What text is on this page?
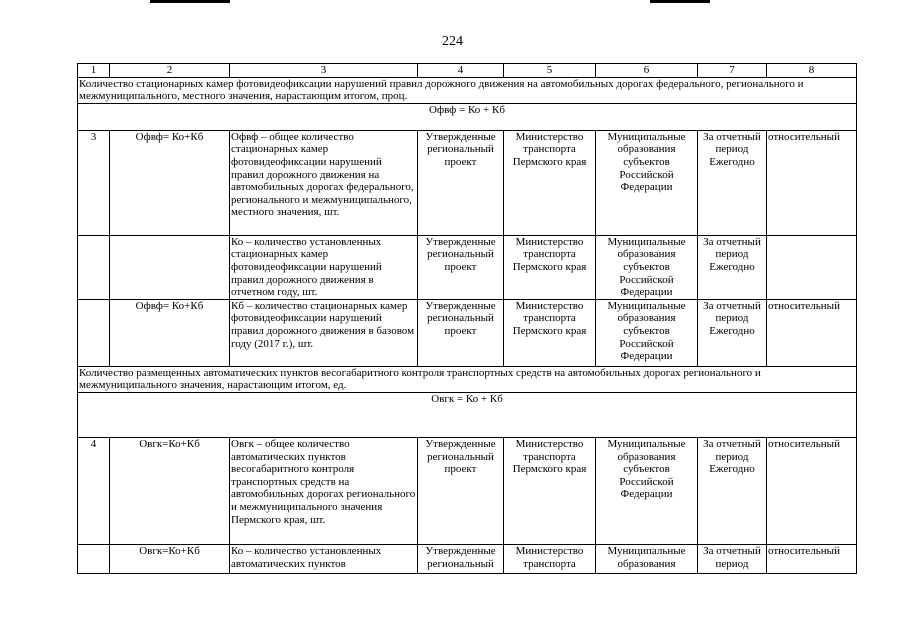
224
1	2	3	4	5	6	7	8
Количество стационарных камер фотовидеофиксации нарушений правил дорожного движения на автомобильных дорогах федерального, регионального и межмуниципального, местного значения, нарастающим итогом, проц.							
Офвф = Ко + Кб							
3	Офвф= Ко+Кб	Офвф – общее количество стационарных камер фотовидеофиксации нарушений правил дорожного движения на автомобильных дорогах федерального, регионального и межмуниципального, местного значения, шт.	Утвержденные региональный проект	Министерство транспорта Пермского края	Муниципальные образования субъектов Российской Федерации	За отчетный период Ежегодно	относительный
		Ко – количество установленных стационарных камер фотовидеофиксации нарушений правил дорожного движения в отчетном году, шт.	Утвержденные региональный проект	Министерство транспорта Пермского края	Муниципальные образования субъектов Российской Федерации	За отчетный период Ежегодно	
	Офвф= Ко+Кб	Кб – количество стационарных камер фотовидеофиксации нарушений правил дорожного движения в базовом году (2017 г.), шт.	Утвержденные региональный проект	Министерство транспорта Пермского края	Муниципальные образования субъектов Российской Федерации	За отчетный период Ежегодно	относительный
Количество размещенных автоматических пунктов весогабаритного контроля транспортных средств на автомобильных дорогах регионального и межмуниципального значения, нарастающим итогом, ед.							
Овгк = Ко + Кб							
4	Овгк=Ко+Кб	Овгк – общее количество автоматических пунктов весогабаритного контроля транспортных средств на автомобильных дорогах регионального и межмуниципального значения Пермского края, шт.	Утвержденные региональный проект	Министерство транспорта Пермского края	Муниципальные образования субъектов Российской Федерации	За отчетный период Ежегодно	относительный
	Овгк=Ко+Кб	Ко – количество установленных автоматических пунктов	Утвержденные региональный	Министерство транспорта	Муниципальные образования	За отчетный период	относительный
